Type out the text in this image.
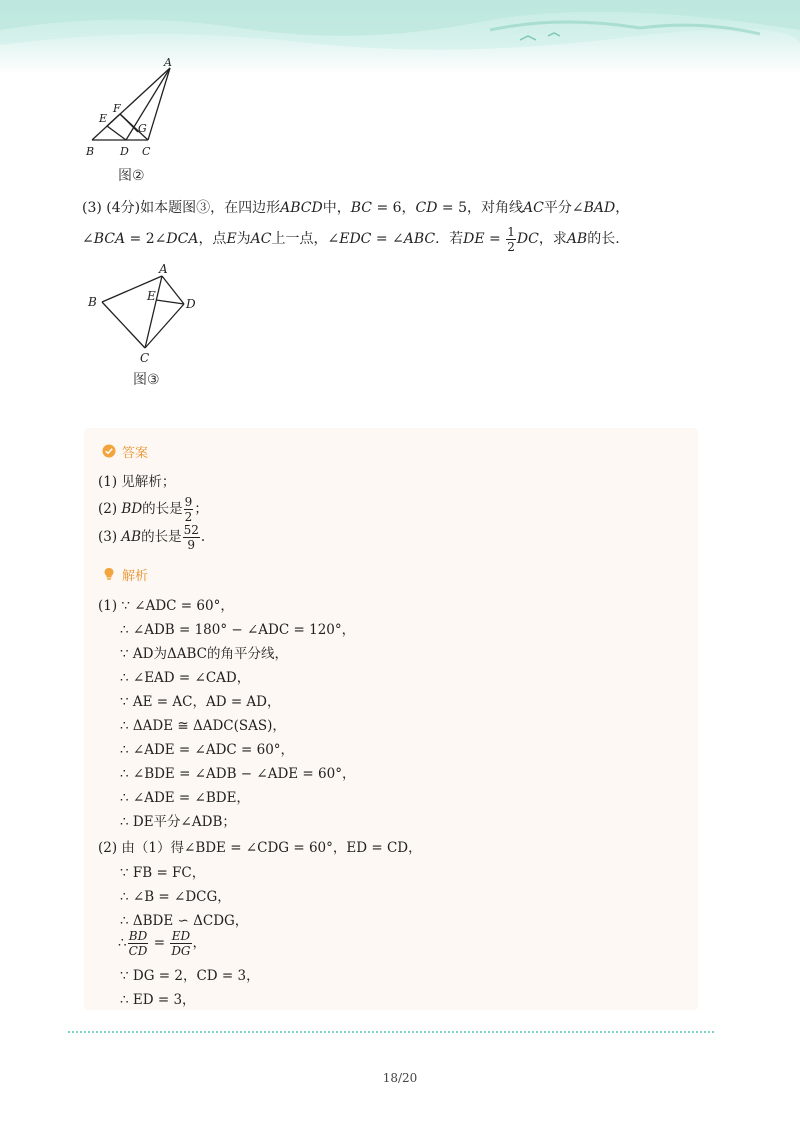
A
B	C
D
E
F
G
图②
(3) (4分)如本题图③，在四边形ABCD中，BC = 6，CD = 5，对角线AC平分∠BAD，
∠BCA = 2∠DCA，点E为AC上一点，∠EDC = ∠ABC．若DE = $\frac{1}{2}$ DC，求AB的长.
A
B
C
D
E
图③
答案
(1) 见解析；
(2) BD的长是 $\frac{9}{2}$ ；
(3) AB的长是 $\frac{52}{9}$ .
解析
(1) ∵ ∠ADC = 60°，
∴ ∠ADB = 180° − ∠ADC = 120°，
∵ AD为ΔABC的角平分线，
∴ ∠EAD = ∠CAD，
∵ AE = AC，AD = AD，
∴ ΔADE ≅ ΔADC(SAS)，
∴ ∠ADE = ∠ADC = 60°，
∴ ∠BDE = ∠ADB − ∠ADE = 60°，
∴ ∠ADE = ∠BDE，
∴ DE平分∠ADB；
(2) 由（1）得∠BDE = ∠CDG = 60°，ED = CD，
∵ FB = FC，
∴ ∠B = ∠DCG，
∴ ΔBDE ∽ ΔCDG，
∴ $\frac{BD}{CD} = \frac{ED}{DG}$ ，
∵ DG = 2，CD = 3，
∴ ED = 3，
18/20
